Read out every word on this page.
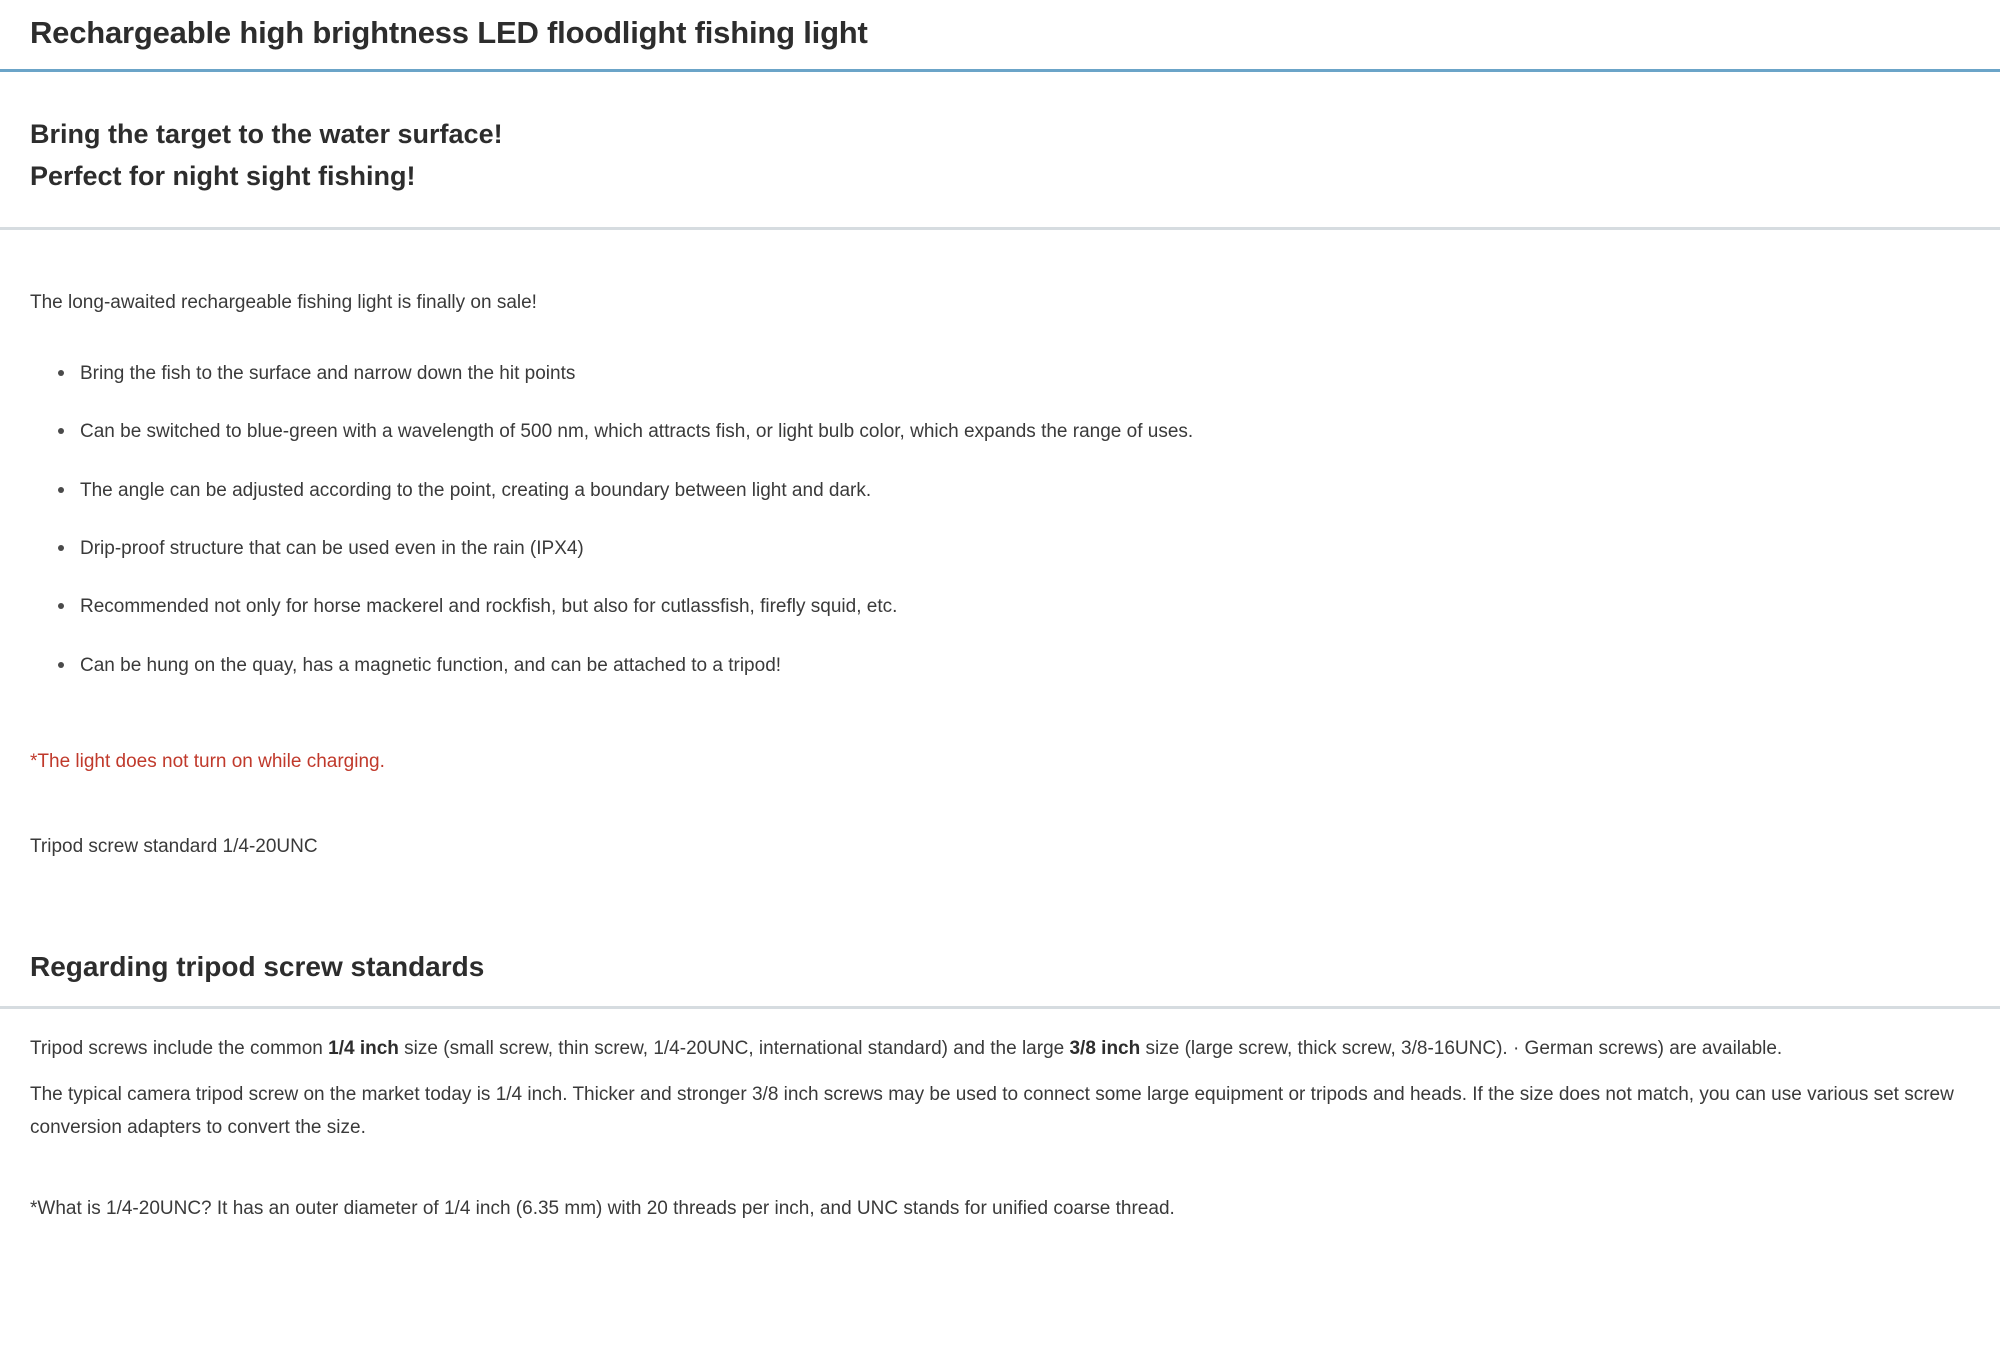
Rechargeable high brightness LED floodlight fishing light

Bring the target to the water surface!

Perfect for night sight fishing!

The long-awaited rechargeable fishing light is finally on sale!

Bring the fish to the surface and narrow down the hit points
Can be switched to blue-green with a wavelength of 500 nm, which attracts fish, or light bulb color, which expands the range of uses.
The angle can be adjusted according to the point, creating a boundary between light and dark.
Drip-proof structure that can be used even in the rain (IPX4)
Recommended not only for horse mackerel and rockfish, but also for cutlassfish, firefly squid, etc.
Can be hung on the quay, has a magnetic function, and can be attached to a tripod!

*The light does not turn on while charging.

Tripod screw standard 1/4-20UNC

Regarding tripod screw standards

Tripod screws include the common 1/4 inch size (small screw, thin screw, 1/4-20UNC, international standard) and the large 3/8 inch size (large screw, thick screw, 3/8-16UNC). · German screws) are available.

The typical camera tripod screw on the market today is 1/4 inch. Thicker and stronger 3/8 inch screws may be used to connect some large equipment or tripods and heads. If the size does not match, you can use various set screw conversion adapters to convert the size.

*What is 1/4-20UNC? It has an outer diameter of 1/4 inch (6.35 mm) with 20 threads per inch, and UNC stands for unified coarse thread.
